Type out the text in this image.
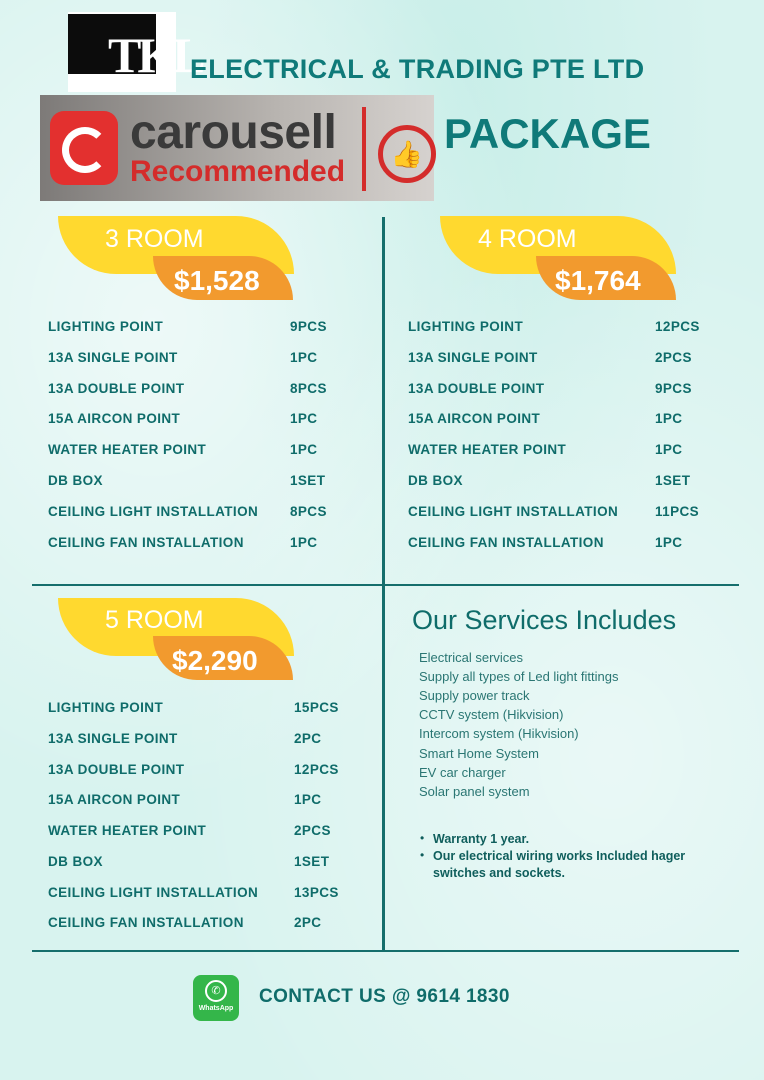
TKL
ELECTRICAL & TRADING PTE LTD
carousell
Recommended
👍 PACKAGE
3 ROOM
$1,528
LIGHTING POINT	9PCS
13A SINGLE POINT	1PC
13A DOUBLE POINT	8PCS
15A AIRCON POINT	1PC
WATER HEATER POINT	1PC
DB BOX	1SET
CEILING LIGHT INSTALLATION 8PCS
CEILING FAN INSTALLATION	1PC
4 ROOM
$1,764
LIGHTING POINT	12PCS
13A SINGLE POINT	2PCS
13A DOUBLE POINT	9PCS
15A AIRCON POINT	1PC
WATER HEATER POINT	1PC
DB BOX	1SET
CEILING LIGHT INSTALLATION	11PCS
CEILING FAN INSTALLATION	1PC
5 ROOM
$2,290
LIGHTING POINT	15PCS
13A SINGLE POINT	2PC
13A DOUBLE POINT	12PCS
15A AIRCON POINT	1PC
WATER HEATER POINT	2PCS
DB BOX	1SET
CEILING LIGHT INSTALLATION	13PCS
CEILING FAN INSTALLATION	2PC
Our Services Includes
Electrical services
Supply all types of Led light fittings
Supply power track
CCTV system (Hikvision)
Intercom system (Hikvision)
Smart Home System
EV car charger
Solar panel system
• Warranty 1 year.
• Our electrical wiring works Included hager switches and sockets.
✆
WhatsApp
CONTACT US @ 9614 1830
